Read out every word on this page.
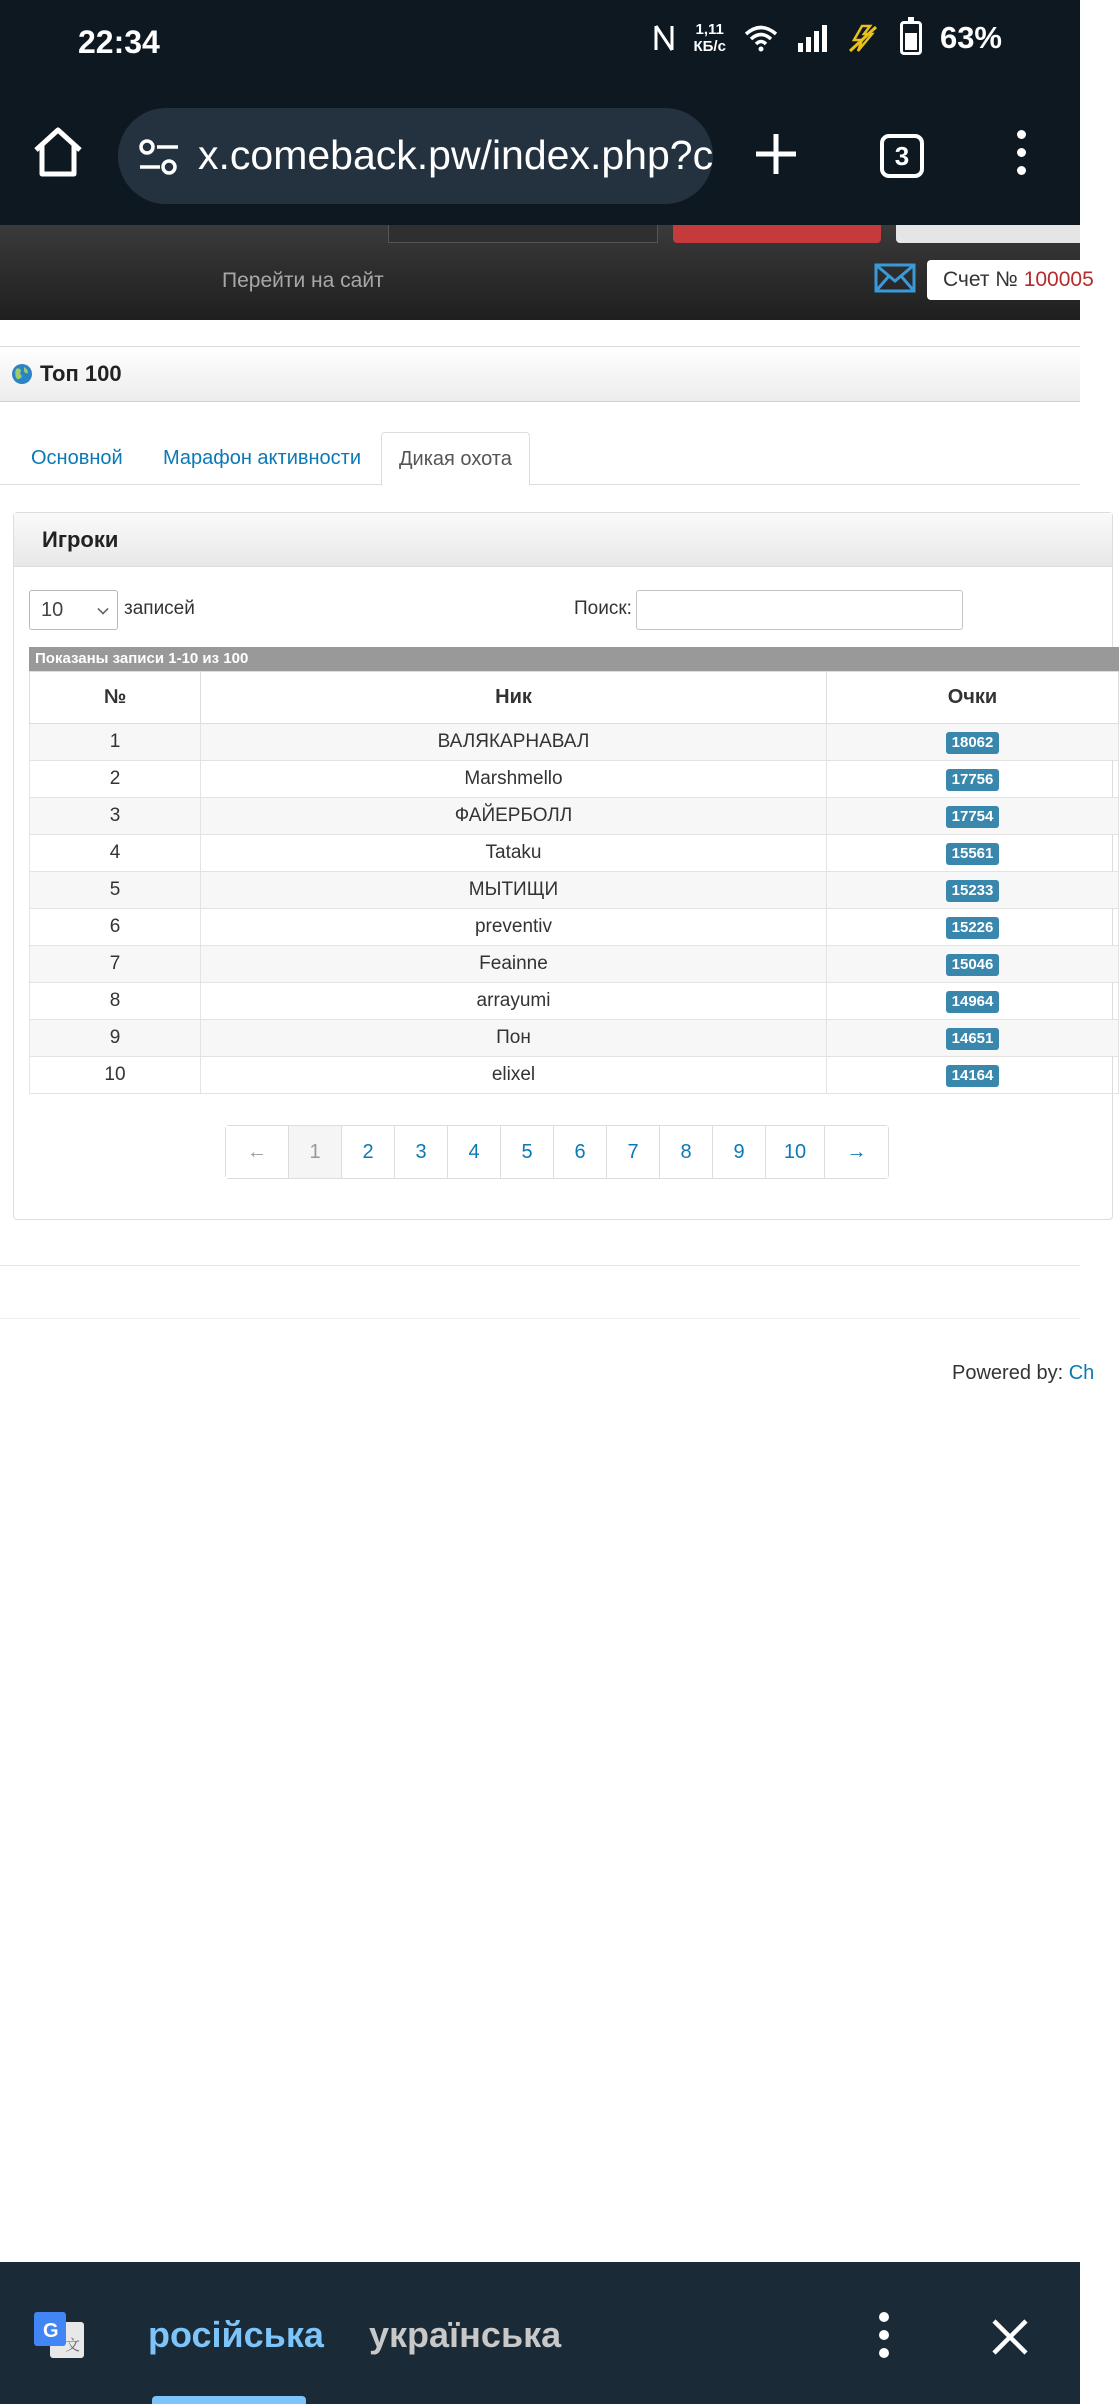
22:34	1,11
КБ/с	63%
x.comeback.pw/index.php?c	3
Перейти на сайт	Счет № 100005
Топ 100
Основной	Марафон активности	Дикая охота
Игроки
10	записей	Поиск:
Показаны записи 1-10 из 100
№	Ник	Очки
1	ВАЛЯКАРНАВАЛ	18062
2	Marshmello	17756
3	ФАЙЕРБОЛЛ	17754
4	Tataku	15561
5	МЫТИЩИ	15233
6	preventiv	15226
7	Feainne	15046
8	arrayumi	14964
9	Пон	14651
10	elixel	14164
←	1	2	3	4	5	6	7	8	9	10	→
Powered by: Ch
G
文 російська українська
